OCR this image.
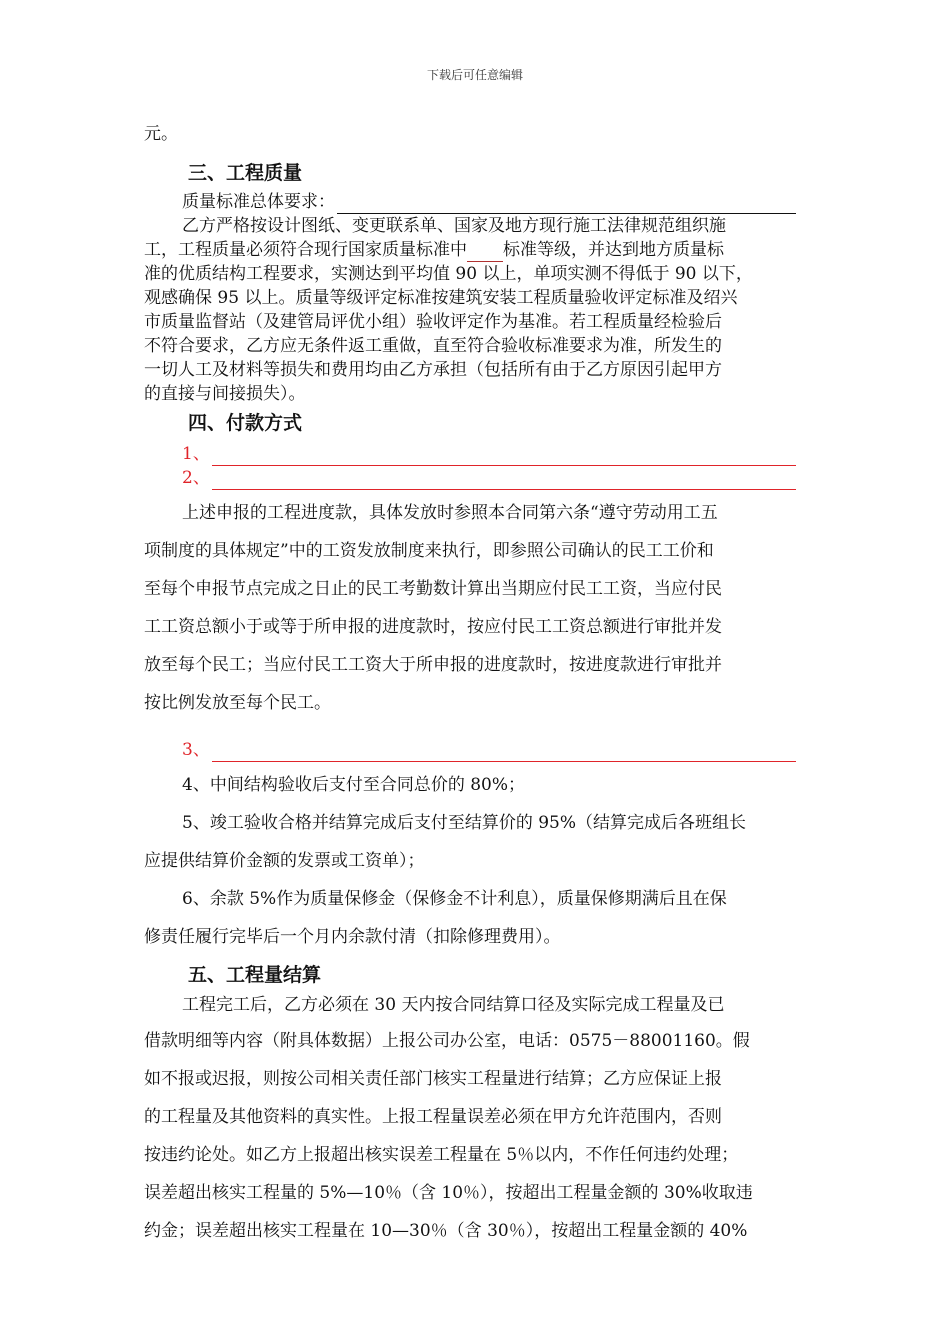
下载后可任意编辑

元。

三、工程质量

质量标准总体要求：

乙方严格按设计图纸、变更联系单、国家及地方现行施工法律规范组织施

工，工程质量必须符合现行国家质量标准中 标准等级，并达到地方质量标

准的优质结构工程要求，实测达到平均值 90 以上，单项实测不得低于 90 以下，

观感确保 95 以上。质量等级评定标准按建筑安装工程质量验收评定标准及绍兴

市质量监督站（及建管局评优小组）验收评定作为基准。若工程质量经检验后

不符合要求，乙方应无条件返工重做，直至符合验收标准要求为准，所发生的

一切人工及材料等损失和费用均由乙方承担（包括所有由于乙方原因引起甲方

的直接与间接损失）。

四、付款方式

1、
2、

上述申报的工程进度款，具体发放时参照本合同第六条“遵守劳动用工五

项制度的具体规定”中的工资发放制度来执行，即参照公司确认的民工工价和

至每个申报节点完成之日止的民工考勤数计算出当期应付民工工资，当应付民

工工资总额小于或等于所申报的进度款时，按应付民工工资总额进行审批并发

放至每个民工；当应付民工工资大于所申报的进度款时，按进度款进行审批并

按比例发放至每个民工。

3、

4、中间结构验收后支付至合同总价的 80%；

5、竣工验收合格并结算完成后支付至结算价的 95%（结算完成后各班组长

应提供结算价金额的发票或工资单）；

6、余款 5%作为质量保修金（保修金不计利息），质量保修期满后且在保

修责任履行完毕后一个月内余款付清（扣除修理费用）。

五、工程量结算

工程完工后，乙方必须在 30 天内按合同结算口径及实际完成工程量及已

借款明细等内容（附具体数据）上报公司办公室，电话：0575－88001160。假

如不报或迟报，则按公司相关责任部门核实工程量进行结算；乙方应保证上报

的工程量及其他资料的真实性。上报工程量误差必须在甲方允许范围内，否则

按违约论处。如乙方上报超出核实误差工程量在 5％以内，不作任何违约处理；

误差超出核实工程量的 5%—10％（含 10％），按超出工程量金额的 30%收取违

约金；误差超出核实工程量在 10—30％（含 30％），按超出工程量金额的 40%
